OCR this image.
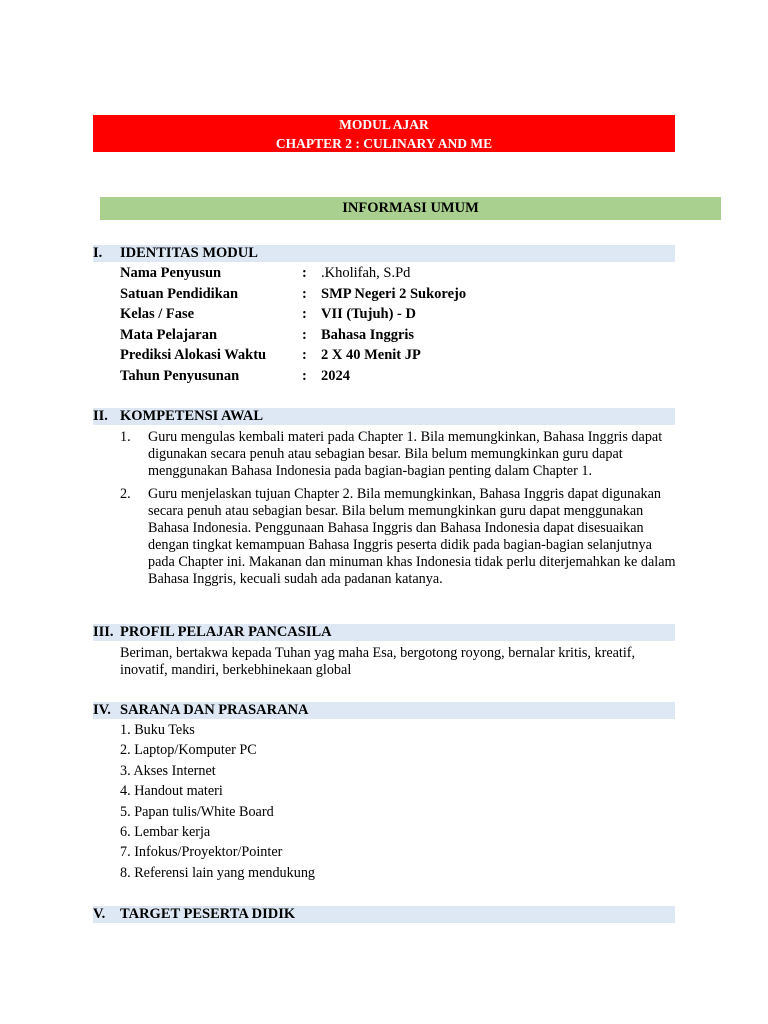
MODUL AJAR
CHAPTER 2 : CULINARY AND ME
INFORMASI UMUM
I. IDENTITAS MODUL
Nama Penyusun	: .Kholifah, S.Pd
Satuan Pendidikan	: SMP Negeri 2 Sukorejo
Kelas / Fase	: VII (Tujuh) - D
Mata Pelajaran	: Bahasa Inggris
Prediksi Alokasi Waktu : 2 X 40 Menit JP
Tahun Penyusunan	: 2024
II. KOMPETENSI AWAL
1. Guru mengulas kembali materi pada Chapter 1. Bila memungkinkan, Bahasa Inggris dapat digunakan secara penuh atau sebagian besar. Bila belum memungkinkan guru dapat menggunakan Bahasa Indonesia pada bagian-bagian penting dalam Chapter 1.
2. Guru menjelaskan tujuan Chapter 2. Bila memungkinkan, Bahasa Inggris dapat digunakan secara penuh atau sebagian besar. Bila belum memungkinkan guru dapat menggunakan Bahasa Indonesia. Penggunaan Bahasa Inggris dan Bahasa Indonesia dapat disesuaikan dengan tingkat kemampuan Bahasa Inggris peserta didik pada bagian-bagian selanjutnya pada Chapter ini. Makanan dan minuman khas Indonesia tidak perlu diterjemahkan ke dalam Bahasa Inggris, kecuali sudah ada padanan katanya.
III. PROFIL PELAJAR PANCASILA
Beriman, bertakwa kepada Tuhan yag maha Esa, bergotong royong, bernalar kritis, kreatif, inovatif, mandiri, berkebhinekaan global
IV. SARANA DAN PRASARANA
1. Buku Teks
2. Laptop/Komputer PC
3. Akses Internet
4. Handout materi
5. Papan tulis/White Board
6. Lembar kerja
7. Infokus/Proyektor/Pointer
8. Referensi lain yang mendukung
V. TARGET PESERTA DIDIK
